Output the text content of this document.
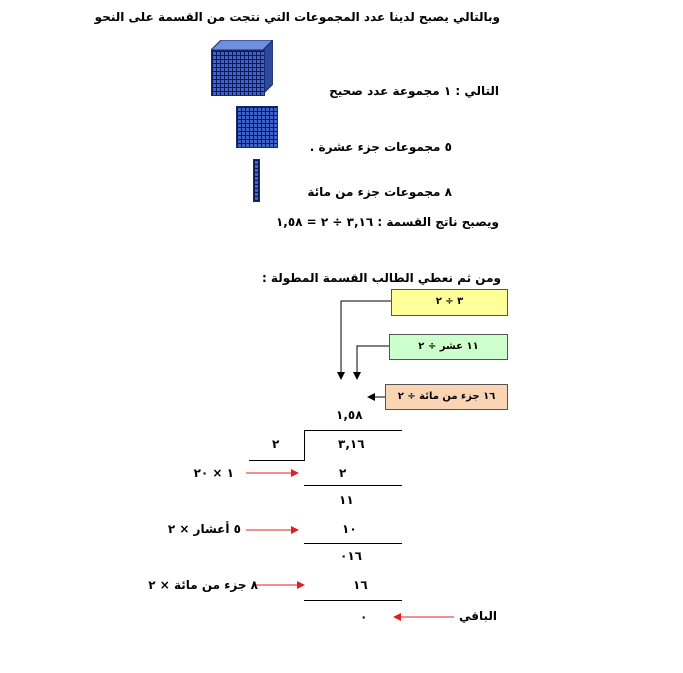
وبالتالي يصبح لدينا عدد المجموعات التي نتجت من القسمة على النحو
التالي : ١ مجموعة عدد صحيح
٥ مجموعات جزء عشرة .
٨ مجموعات جزء من مائة
ويصبح ناتج القسمة : ٣,١٦ ÷ ٢ = ١,٥٨
ومن ثم نعطي الطالب القسمة المطولة :
٣ ÷ ٢
١١ عشر ÷ ٢
١٦ جزء من مائة ÷ ٢
١,٥٨
٢	٣,١٦
٢
١١
١٠
٠١٦
١٦
٠
١ × ٢٠
٥ أعشار × ٢
٨ جزء من مائة × ٢
الباقي
